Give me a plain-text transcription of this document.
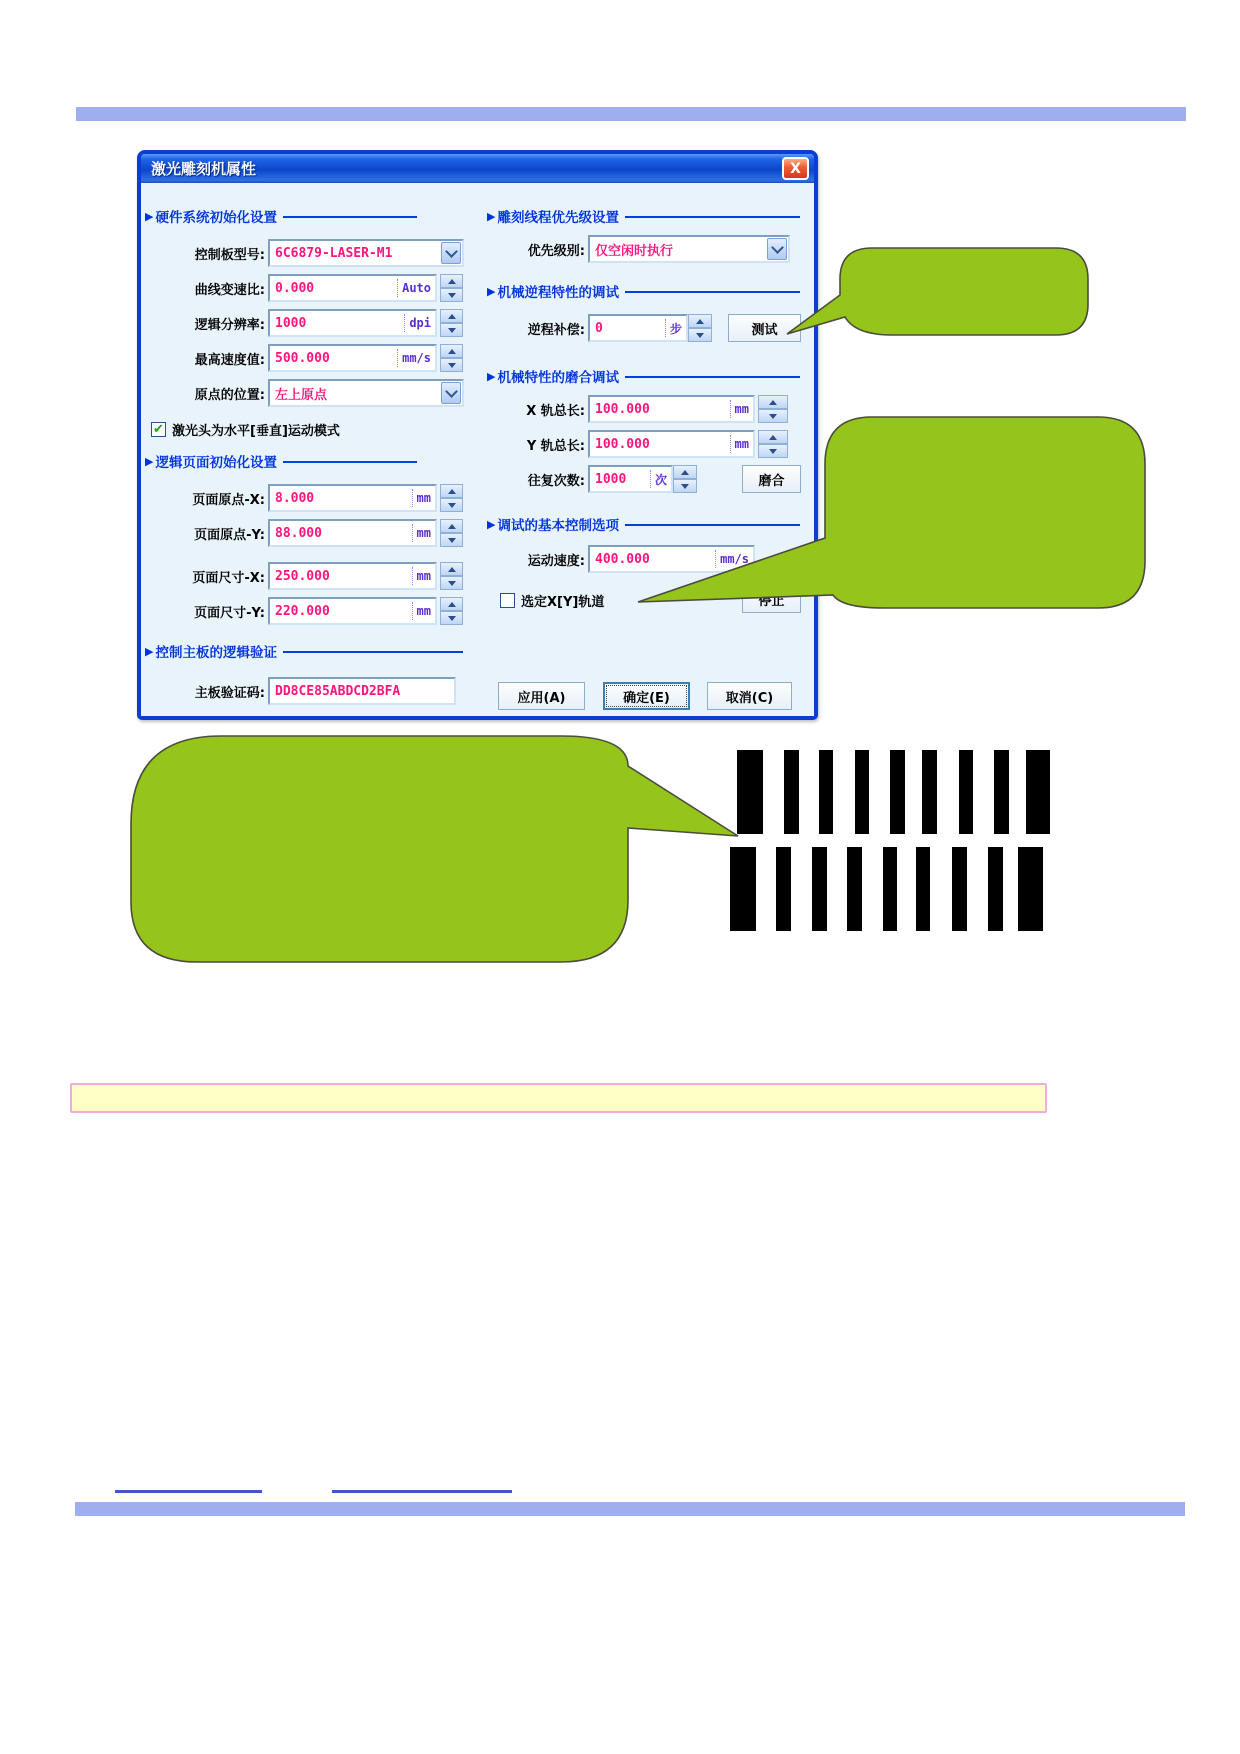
激光雕刻机属性	X
▶ 硬件系统初始化设置
控制板型号: 6C6879-LASER-M1
曲线变速比: 0.000	Auto
逻辑分辨率: 1000	dpi
最高速度值: 500.000	mm/s
原点的位置: 左上原点
✔ 激光头为水平[垂直]运动模式
▶ 逻辑页面初始化设置
页面原点-X: 8.000	mm
页面原点-Y: 88.000	mm
页面尺寸-X: 250.000	mm
页面尺寸-Y: 220.000	mm
▶ 控制主板的逻辑验证
主板验证码: DD8CE85ABDCD2BFA
▶ 雕刻线程优先级设置
优先级别: 仅空闲时执行
▶ 机械逆程特性的调试
逆程补偿: 0	步	测试
▶ 机械特性的磨合调试
X 轨总长: 100.000	mm
Y 轨总长: 100.000	mm
往复次数: 1000	次	磨合
▶ 调试的基本控制选项
运动速度: 400.000	mm/s
选定X[Y]轨道	停止
应用(A)	确定(E)	取消(C)
